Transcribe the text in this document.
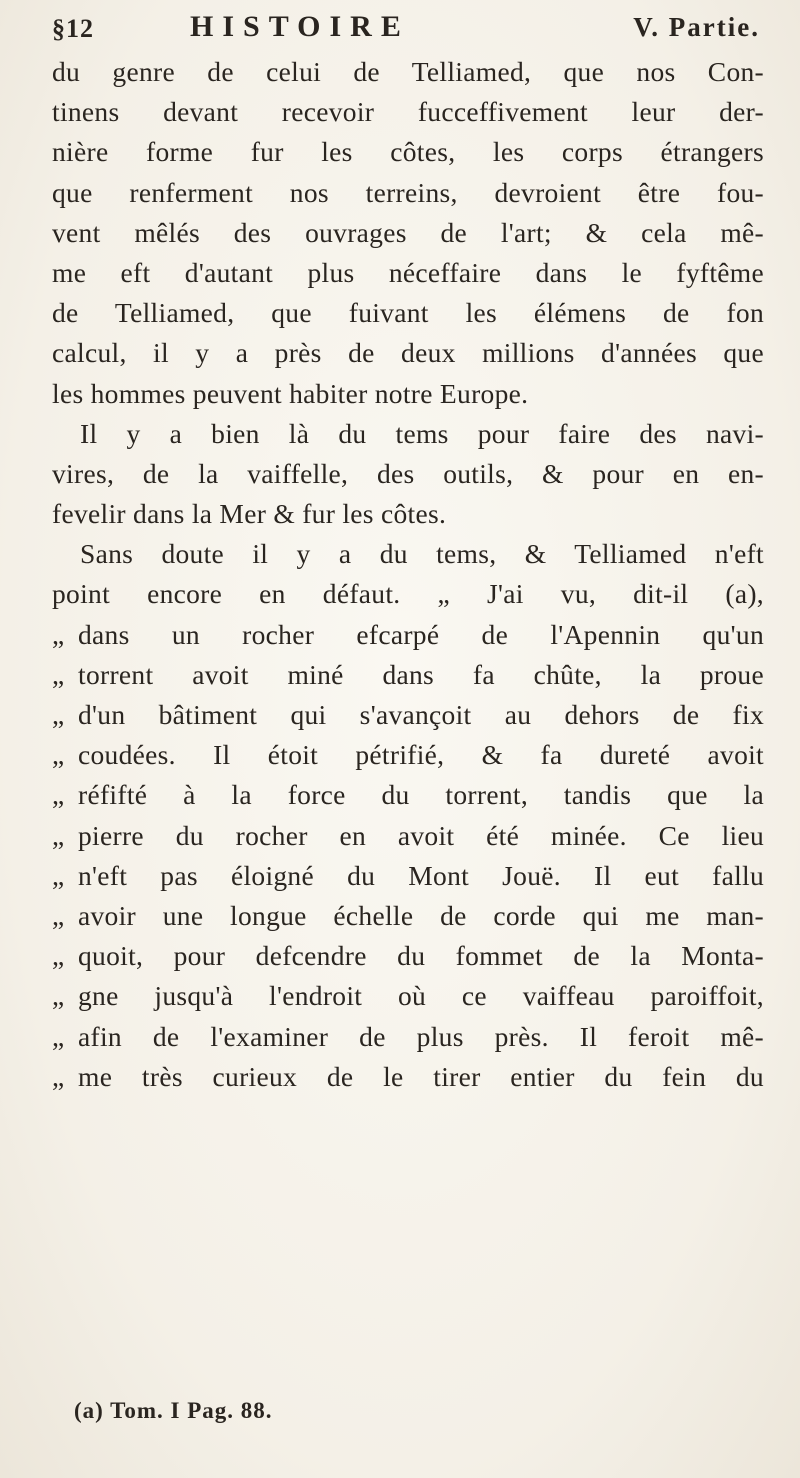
§12	HISTOIRE	V. Partie.
du genre de celui de Telliamed, que nos Con-
tinens devant recevoir fucceffivement leur der-
nière forme fur les côtes, les corps étrangers
que renferment nos terreins, devroient être fou-
vent mêlés des ouvrages de l'art; & cela mê-
me eft d'autant plus néceffaire dans le fyftême
de Telliamed, que fuivant les élémens de fon
calcul, il y a près de deux millions d'années que
les hommes peuvent habiter notre Europe.
Il y a bien là du tems pour faire des navi-
vires, de la vaiffelle, des outils, & pour en en-
fevelir dans la Mer & fur les côtes.
Sans doute il y a du tems, & Telliamed n'eft
point encore en défaut. „ J'ai vu, dit-il (a),
„ dans un rocher efcarpé de l'Apennin qu'un
„ torrent avoit miné dans fa chûte, la proue
„ d'un bâtiment qui s'avançoit au dehors de fix
„ coudées. Il étoit pétrifié, & fa dureté avoit
„ réfifté à la force du torrent, tandis que la
„ pierre du rocher en avoit été minée. Ce lieu
„ n'eft pas éloigné du Mont Jouë. Il eut fallu
„ avoir une longue échelle de corde qui me man-
„ quoit, pour defcendre du fommet de la Monta-
„ gne jusqu'à l'endroit où ce vaiffeau paroiffoit,
„ afin de l'examiner de plus près. Il feroit mê-
„ me très curieux de le tirer entier du fein du
(a) Tom. I Pag. 88.
